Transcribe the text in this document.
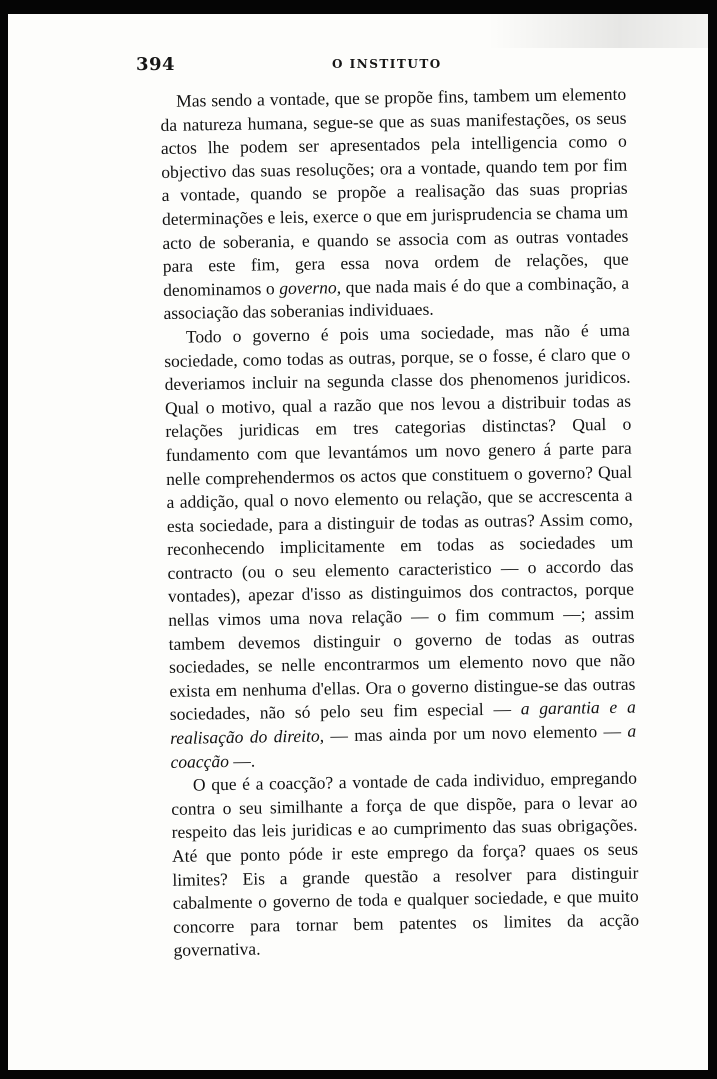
394	O INSTITUTO

Mas sendo a vontade, que se propõe fins, tambem um elemento da natureza humana, segue-se que as suas manifestações, os seus actos lhe podem ser apresentados pela intelligencia como o objectivo das suas resoluções; ora a vontade, quando tem por fim a vontade, quando se propõe a realisação das suas proprias determinações e leis, exerce o que em jurisprudencia se chama um acto de soberania, e quando se associa com as outras vontades para este fim, gera essa nova ordem de relações, que denominamos o governo, que nada mais é do que a combinação, a associação das soberanias individuaes.

Todo o governo é pois uma sociedade, mas não é uma sociedade, como todas as outras, porque, se o fosse, é claro que o deveriamos incluir na segunda classe dos phenomenos juridicos. Qual o motivo, qual a razão que nos levou a distribuir todas as relações juridicas em tres categorias distinctas? Qual o fundamento com que levantámos um novo genero á parte para nelle comprehendermos os actos que constituem o governo? Qual a addição, qual o novo elemento ou relação, que se accrescenta a esta sociedade, para a distinguir de todas as outras? Assim como, reconhecendo implicitamente em todas as sociedades um contracto (ou o seu elemento caracteristico — o accordo das vontades), apezar d'isso as distinguimos dos contractos, porque nellas vimos uma nova relação — o fim commum —; assim tambem devemos distinguir o governo de todas as outras sociedades, se nelle encontrarmos um elemento novo que não exista em nenhuma d'ellas. Ora o governo distingue-se das outras sociedades, não só pelo seu fim especial — a garantia e a realisação do direito, — mas ainda por um novo elemento — a coacção —.

O que é a coacção? a vontade de cada individuo, empregando contra o seu similhante a força de que dispõe, para o levar ao respeito das leis juridicas e ao cumprimento das suas obrigações. Até que ponto póde ir este emprego da força? quaes os seus limites? Eis a grande questão a resolver para distinguir cabalmente o governo de toda e qualquer sociedade, e que muito concorre para tornar bem patentes os limites da acção governativa.
